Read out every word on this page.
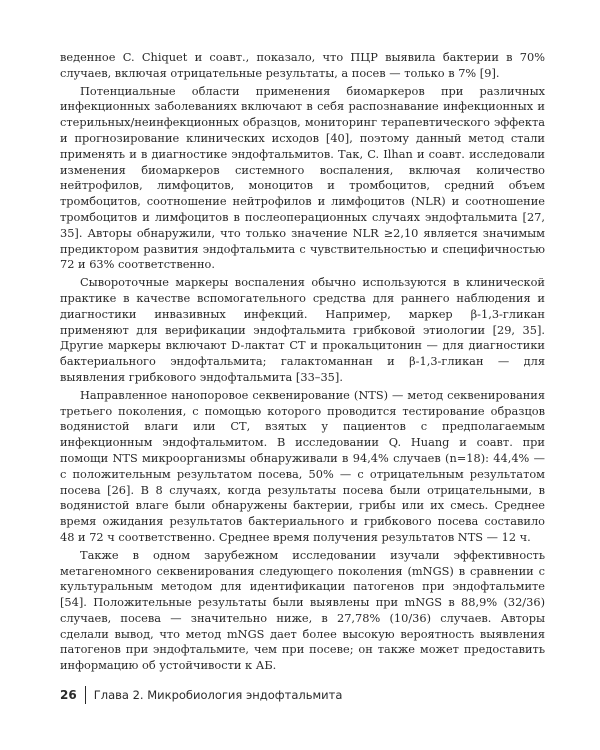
веденное C. Chiquet и соавт., показало, что ПЦР выявила бактерии в 70% случаев, включая отрицательные результаты, а посев — только в 7% [9].

Потенциальные области применения биомаркеров при различных инфекционных заболеваниях включают в себя распознавание инфекционных и стерильных/неинфекционных образцов, мониторинг терапевтического эффекта и прогнозирование клинических исходов [40], поэтому данный метод стали применять и в диагностике эндофтальмитов. Так, C. Ilhan и соавт. исследовали изменения биомаркеров системного воспаления, включая количество нейтрофилов, лимфоцитов, моноцитов и тромбоцитов, средний объем тромбоцитов, соотношение нейтрофилов и лимфоцитов (NLR) и соотношение тромбоцитов и лимфоцитов в послеоперационных случаях эндофтальмита [27, 35]. Авторы обнаружили, что только значение NLR ≥2,10 является значимым предиктором развития эндофтальмита с чувствительностью и специфичностью 72 и 63% соответственно.

Сывороточные маркеры воспаления обычно используются в клинической практике в качестве вспомогательного средства для раннего наблюдения и диагностики инвазивных инфекций. Например, маркер β-1,3-гликан применяют для верификации эндофтальмита грибковой этиологии [29, 35]. Другие маркеры включают D-лактат СТ и прокальцитонин — для диагностики бактериального эндофтальмита; галактоманнан и β-1,3-гликан — для выявления грибкового эндофтальмита [33–35].

Направленное нанопоровое секвенирование (NTS) — метод секвенирования третьего поколения, с помощью которого проводится тестирование образцов водянистой влаги или СТ, взятых у пациентов с предполагаемым инфекционным эндофтальмитом. В исследовании Q. Huang и соавт. при помощи NTS микроорганизмы обнаруживали в 94,4% случаев (n=18): 44,4% — с положительным результатом посева, 50% — с отрицательным результатом посева [26]. В 8 случаях, когда результаты посева были отрицательными, в водянистой влаге были обнаружены бактерии, грибы или их смесь. Среднее время ожидания результатов бактериального и грибкового посева составило 48 и 72 ч соответственно. Среднее время получения результатов NTS — 12 ч.

Также в одном зарубежном исследовании изучали эффективность метагеномного секвенирования следующего поколения (mNGS) в сравнении с культуральным методом для идентификации патогенов при эндофтальмите [54]. Положительные результаты были выявлены при mNGS в 88,9% (32/36) случаев, посева — значительно ниже, в 27,78% (10/36) случаев. Авторы сделали вывод, что метод mNGS дает более высокую вероятность выявления патогенов при эндофтальмите, чем при посеве; он также может предоставить информацию об устойчивости к АБ.

26	Глава 2. Микробиология эндофтальмита
